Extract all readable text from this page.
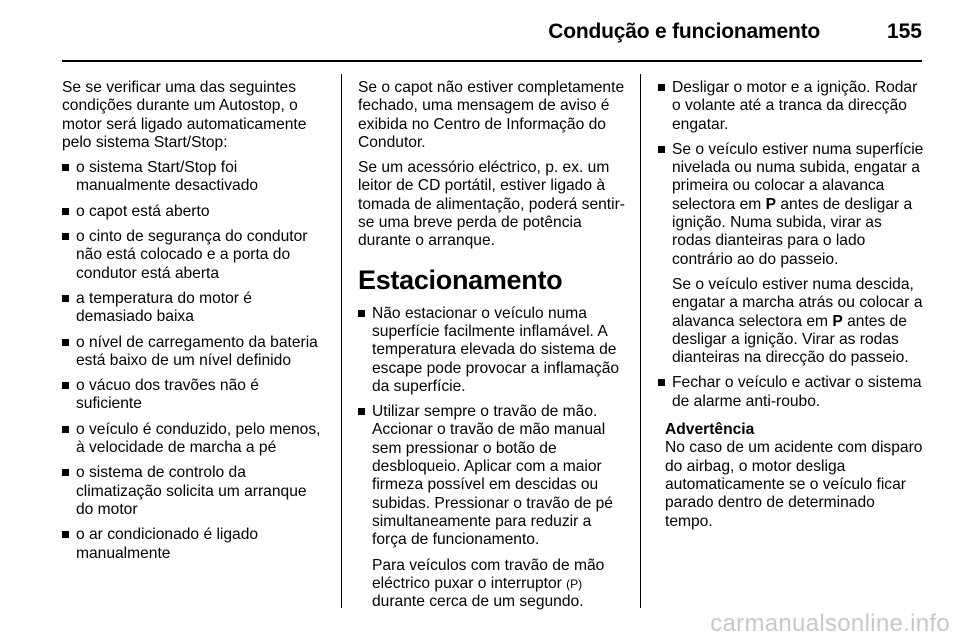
Condução e funcionamento	155

Se se verificar uma das seguintes condições durante um Autostop, o motor será ligado automaticamente pelo sistema Start/Stop:

o sistema Start/Stop foi manualmente desactivado
o capot está aberto
o cinto de segurança do condutor não está colocado e a porta do condutor está aberta
a temperatura do motor é demasiado baixa
o nível de carregamento da bateria está baixo de um nível definido
o vácuo dos travões não é suficiente
o veículo é conduzido, pelo menos, à velocidade de marcha a pé
o sistema de controlo da climatização solicita um arranque do motor
o ar condicionado é ligado manualmente

Se o capot não estiver completamente fechado, uma mensagem de aviso é exibida no Centro de Informação do Condutor.

Se um acessório eléctrico, p. ex. um leitor de CD portátil, estiver ligado à tomada de alimentação, poderá sentir-se uma breve perda de potência durante o arranque.

Estacionamento
Não estacionar o veículo numa superfície facilmente inflamável. A temperatura elevada do sistema de escape pode provocar a inflamação da superfície.
Utilizar sempre o travão de mão. Accionar o travão de mão manual sem pressionar o botão de desbloqueio. Aplicar com a maior firmeza possível em descidas ou subidas. Pressionar o travão de pé simultaneamente para reduzir a força de funcionamento.
Para veículos com travão de mão eléctrico puxar o interruptor (P)
durante cerca de um segundo.
Desligar o motor e a ignição. Rodar o volante até a tranca da direcção engatar.
Se o veículo estiver numa superfície nivelada ou numa subida, engatar a primeira ou colocar a alavanca selectora em P antes de desligar a ignição. Numa subida, virar as rodas dianteiras para o lado contrário ao do passeio.
Se o veículo estiver numa descida, engatar a marcha atrás ou colocar a alavanca selectora em P antes de desligar a ignição. Virar as rodas dianteiras na direcção do passeio.
Fechar o veículo e activar o sistema de alarme anti-roubo.
Advertência
No caso de um acidente com disparo do airbag, o motor desliga automaticamente se o veículo ficar parado dentro de determinado tempo.
carmanualsonline.info
